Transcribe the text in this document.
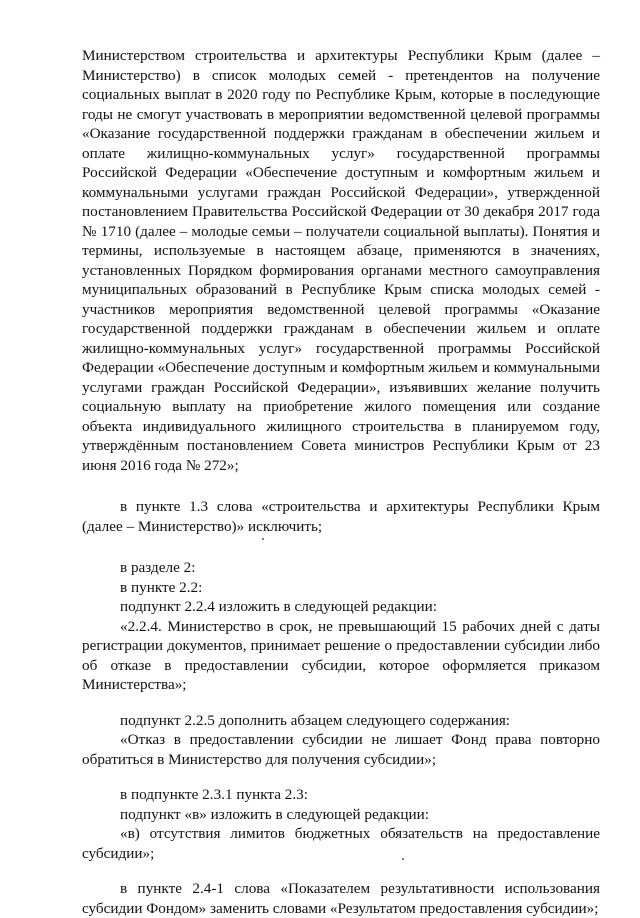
Министерством строительства и архитектуры Республики Крым (далее – Министерство) в список молодых семей - претендентов на получение социальных выплат в 2020 году по Республике Крым, которые в последующие годы не смогут участвовать в мероприятии ведомственной целевой программы «Оказание государственной поддержки гражданам в обеспечении жильем и оплате жилищно-коммунальных услуг» государственной программы Российской Федерации «Обеспечение доступным и комфортным жильем и коммунальными услугами граждан Российской Федерации», утвержденной постановлением Правительства Российской Федерации от 30 декабря 2017 года № 1710 (далее – молодые семьи – получатели социальной выплаты). Понятия и термины, используемые в настоящем абзаце, применяются в значениях, установленных Порядком формирования органами местного самоуправления муниципальных образований в Республике Крым списка молодых семей - участников мероприятия ведомственной целевой программы «Оказание государственной поддержки гражданам в обеспечении жильем и оплате жилищно-коммунальных услуг» государственной программы Российской Федерации «Обеспечение доступным и комфортным жильем и коммунальными услугами граждан Российской Федерации», изъявивших желание получить социальную выплату на приобретение жилого помещения или создание объекта индивидуального жилищного строительства в планируемом году, утверждённым постановлением Совета министров Республики Крым от 23 июня 2016 года № 272»;

в пункте 1.3 слова «строительства и архитектуры Республики Крым (далее – Министерство)» исключить;

в разделе 2:

в пункте 2.2:

подпункт 2.2.4 изложить в следующей редакции:

«2.2.4. Министерство в срок, не превышающий 15 рабочих дней с даты регистрации документов, принимает решение о предоставлении субсидии либо об отказе в предоставлении субсидии, которое оформляется приказом Министерства»;

подпункт 2.2.5 дополнить абзацем следующего содержания:

«Отказ в предоставлении субсидии не лишает Фонд права повторно обратиться в Министерство для получения субсидии»;

в подпункте 2.3.1 пункта 2.3:

подпункт «в» изложить в следующей редакции:

«в) отсутствия лимитов бюджетных обязательств на предоставление субсидии»;

в пункте 2.4-1 слова «Показателем результативности использования субсидии Фондом» заменить словами «Результатом предоставления субсидии»;
